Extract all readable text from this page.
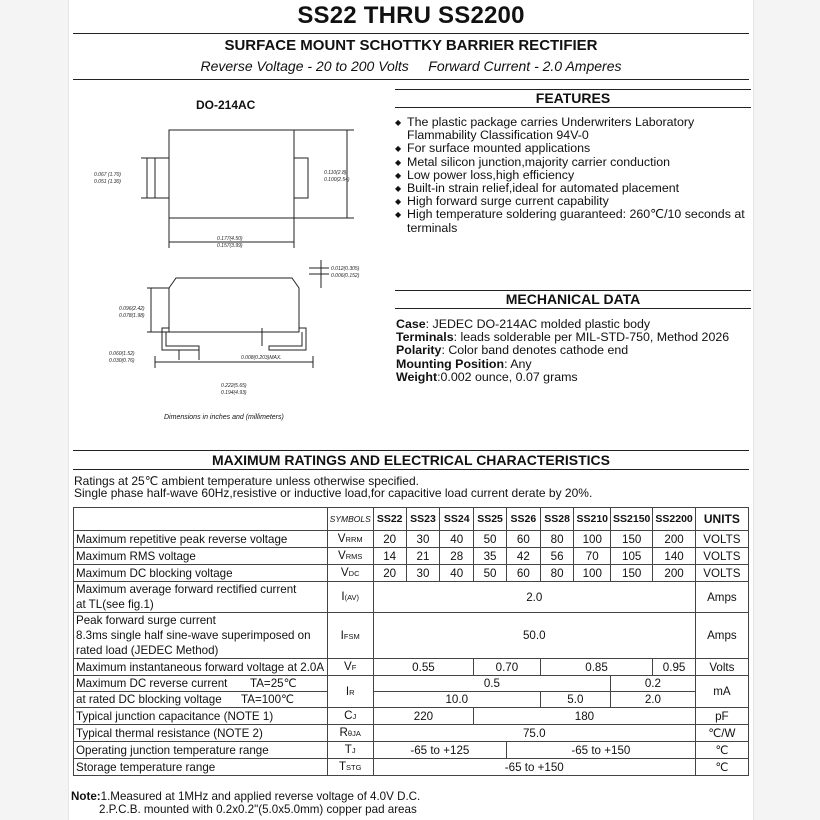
SS22 THRU SS2200
SURFACE MOUNT SCHOTTKY BARRIER RECTIFIER
Reverse Voltage - 20 to 200 Volts Forward Current - 2.0 Amperes
DO-214AC
0.067 (1.70)
0.051 (1.30)
0.110(2.8)
0.100(2.54)
0.177(4.50)
0.157(3.99)
0.012(0.305)
0.006(0.152)
0.096(2.42)
0.078(1.98)
0.060(1.52)
0.030(0.76)	0.008(0.203)MAX.
0.222(5.65)
0.194(4.93)
Dimensions in inches and (millimeters)
FEATURES
◆ The plastic package carries Underwriters Laboratory Flammability Classification 94V-0
◆ For surface mounted applications
◆ Metal silicon junction,majority carrier conduction
◆ Low power loss,high efficiency
◆ Built-in strain relief,ideal for automated placement
◆ High forward surge current capability
◆ High temperature soldering guaranteed: 260℃/10 seconds at terminals
MECHANICAL DATA
Case: JEDEC DO-214AC molded plastic body
Terminals: leads solderable per MIL-STD-750, Method 2026
Polarity: Color band denotes cathode end
Mounting Position: Any
Weight:0.002 ounce, 0.07 grams
MAXIMUM RATINGS AND ELECTRICAL CHARACTERISTICS
Ratings at 25℃ ambient temperature unless otherwise specified.
Single phase half-wave 60Hz,resistive or inductive load,for capacitive load current derate by 20%.
	SYMBOLS	SS22	SS23	SS24	SS25	SS26	SS28	SS210	SS2150	SS2200	UNITS
Maximum repetitive peak reverse voltage	VRRM	20	30	40	50	60	80	100	150	200	VOLTS
Maximum RMS voltage	VRMS	14	21	28	35	42	56	70	105	140	VOLTS
Maximum DC blocking voltage	VDC	20	30	40	50	60	80	100	150	200	VOLTS

Maximum average forward rectified current
at TL(see fig.1)	I(AV)	2.0									Amps

Peak forward surge current
8.3ms single half sine-wave superimposed on
rated load (JEDEC Method)	IFSM	50.0									Amps
Maximum instantaneous forward voltage at 2.0A	VF	0.55			0.70		0.85			0.95	Volts
Maximum DC reverse current TA=25℃	IR	0.5							0.2		mA
at rated DC blocking voltage TA=100℃		10.0					5.0		2.0		
Typical junction capacitance (NOTE 1)	CJ	220			180						pF
Typical thermal resistance (NOTE 2)	RθJA	75.0									℃/W
Operating junction temperature range	TJ	-65 to +125				-65 to +150					℃
Storage temperature range	TSTG	-65 to +150									℃
Note:1.Measured at 1MHz and applied reverse voltage of 4.0V D.C.
2.P.C.B. mounted with 0.2x0.2"(5.0x5.0mm) copper pad areas
